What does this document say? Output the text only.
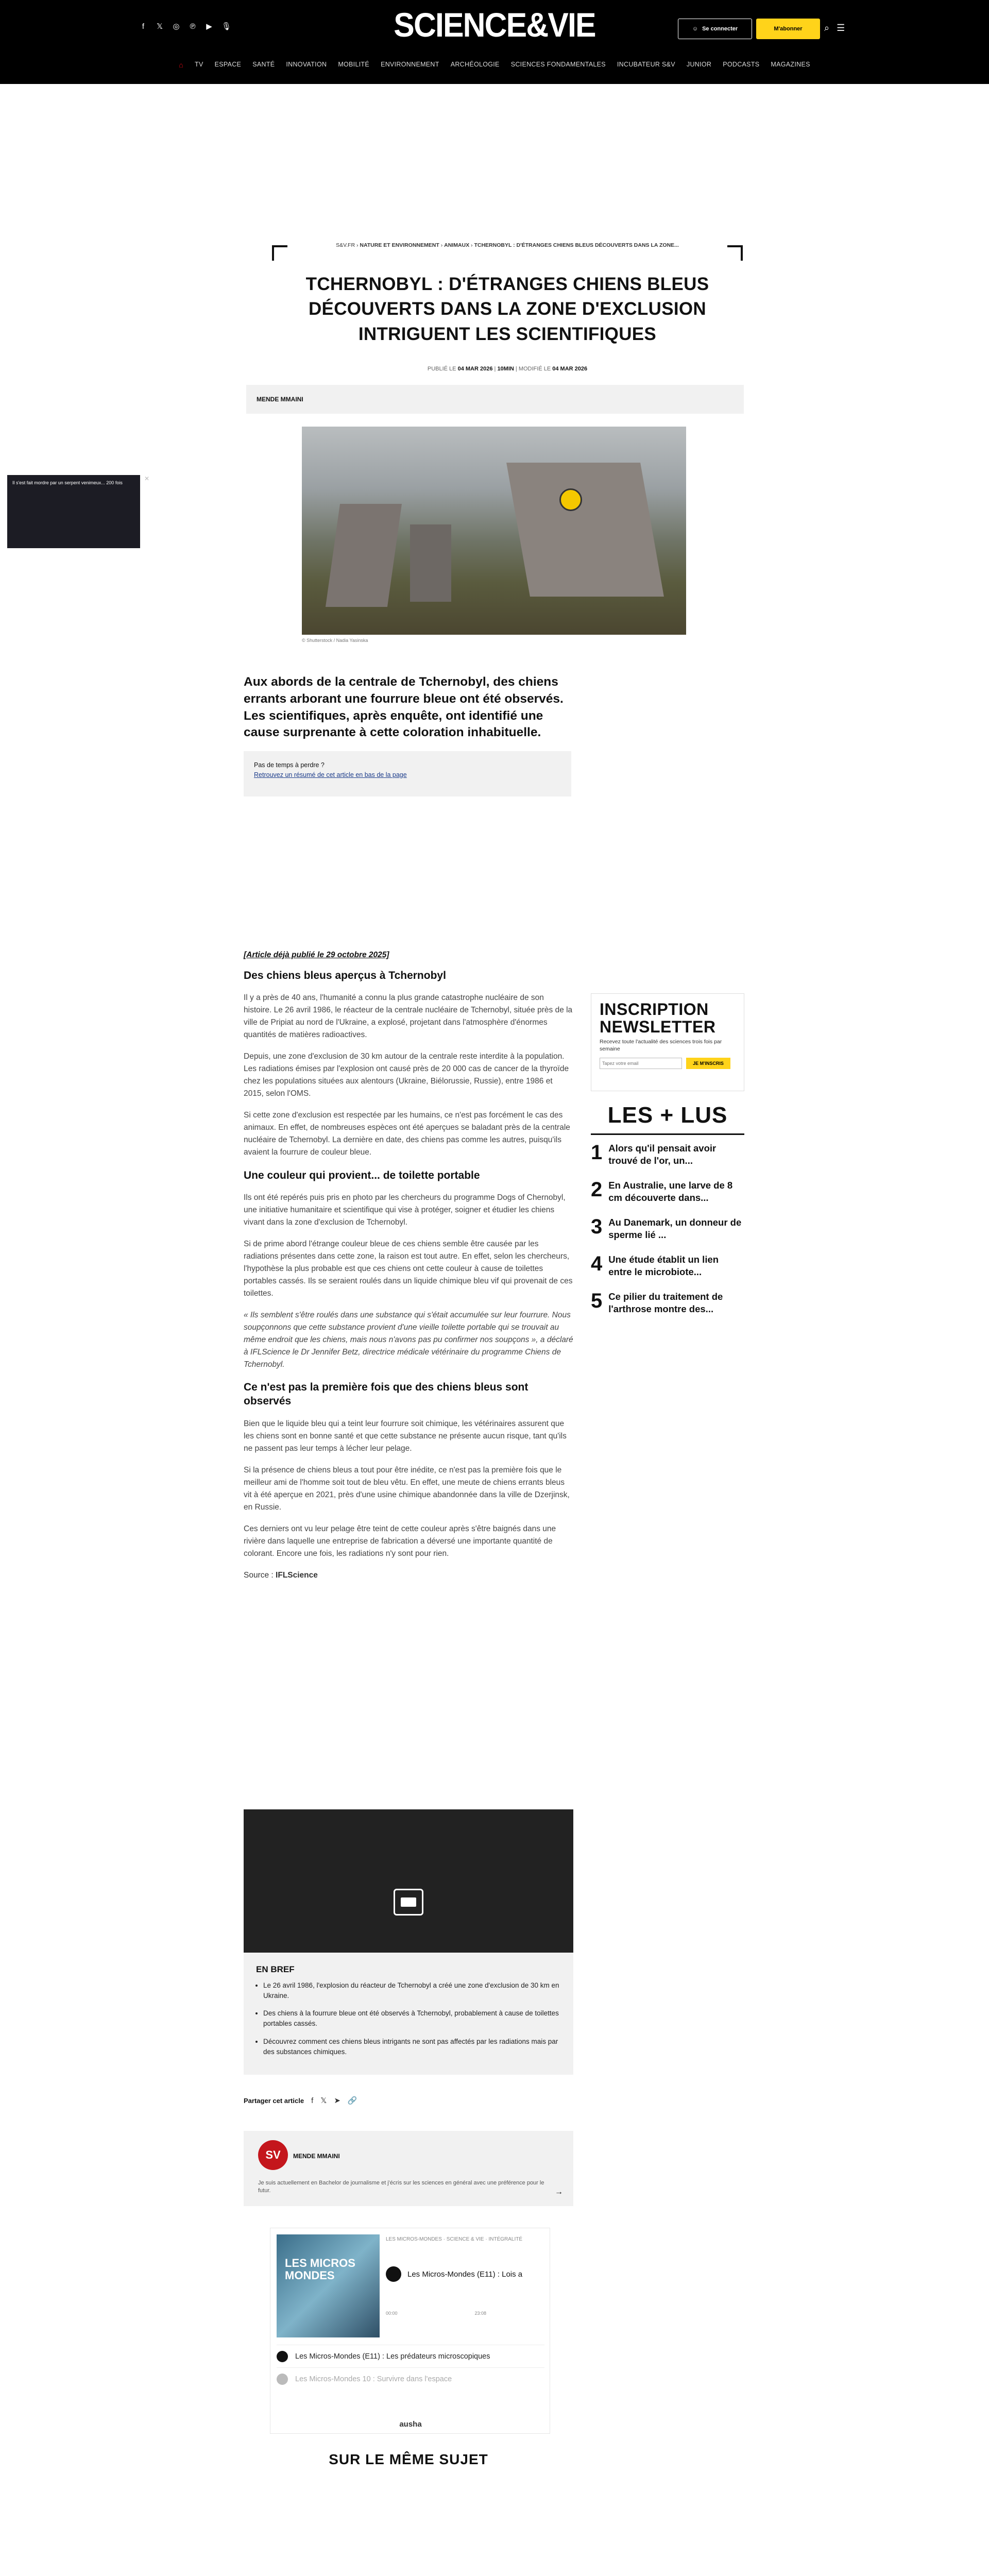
f	𝕏 ◎ ℗ ▶ 🎙	SCIENCE&VIE	☺ Se connecter	M'abonner	⌕ ☰
⌂ TV ESPACE SANTÉ INNOVATION MOBILITÉ ENVIRONNEMENT ARCHÉOLOGIE SCIENCES FONDAMENTALES INCUBATEUR S&V JUNIOR PODCASTS MAGAZINES
Il s'est fait mordre par un serpent venimeux... 200 fois
✕
S&V.FR › NATURE ET ENVIRONNEMENT › ANIMAUX › TCHERNOBYL : D'ÉTRANGES CHIENS BLEUS DÉCOUVERTS DANS LA ZONE...
TCHERNOBYL : D'ÉTRANGES CHIENS BLEUS DÉCOUVERTS DANS LA ZONE D'EXCLUSION INTRIGUENT LES SCIENTIFIQUES
PUBLIÉ LE 04 MAR 2026 | 10MIN | MODIFIÉ LE 04 MAR 2026
MENDE MMAINI
© Shutterstock / Nadia Yasinska
Aux abords de la centrale de Tchernobyl, des chiens errants arborant une fourrure bleue ont été observés. Les scientifiques, après enquête, ont identifié une cause surprenante à cette coloration inhabituelle.
Pas de temps à perdre ?
Retrouvez un résumé de cet article en bas de la page

[Article déjà publié le 29 octobre 2025]

Des chiens bleus aperçus à Tchernobyl

Il y a près de 40 ans, l'humanité a connu la plus grande catastrophe nucléaire de son histoire. Le 26 avril 1986, le réacteur de la centrale nucléaire de Tchernobyl, située près de la ville de Pripiat au nord de l'Ukraine, a explosé, projetant dans l'atmosphère d'énormes quantités de matières radioactives.

Depuis, une zone d'exclusion de 30 km autour de la centrale reste interdite à la population. Les radiations émises par l'explosion ont causé près de 20 000 cas de cancer de la thyroïde chez les populations situées aux alentours (Ukraine, Biélorussie, Russie), entre 1986 et 2015, selon l'OMS.

Si cette zone d'exclusion est respectée par les humains, ce n'est pas forcément le cas des animaux. En effet, de nombreuses espèces ont été aperçues se baladant près de la centrale nucléaire de Tchernobyl. La dernière en date, des chiens pas comme les autres, puisqu'ils avaient la fourrure de couleur bleue.

Une couleur qui provient... de toilette portable

Ils ont été repérés puis pris en photo par les chercheurs du programme Dogs of Chernobyl, une initiative humanitaire et scientifique qui vise à protéger, soigner et étudier les chiens vivant dans la zone d'exclusion de Tchernobyl.

Si de prime abord l'étrange couleur bleue de ces chiens semble être causée par les radiations présentes dans cette zone, la raison est tout autre. En effet, selon les chercheurs, l'hypothèse la plus probable est que ces chiens ont cette couleur à cause de toilettes portables cassés. Ils se seraient roulés dans un liquide chimique bleu vif qui provenait de ces toilettes.

« Ils semblent s'être roulés dans une substance qui s'était accumulée sur leur fourrure. Nous soupçonnons que cette substance provient d'une vieille toilette portable qui se trouvait au même endroit que les chiens, mais nous n'avons pas pu confirmer nos soupçons », a déclaré à IFLScience le Dr Jennifer Betz, directrice médicale vétérinaire du programme Chiens de Tchernobyl.

Ce n'est pas la première fois que des chiens bleus sont observés

Bien que le liquide bleu qui a teint leur fourrure soit chimique, les vétérinaires assurent que les chiens sont en bonne santé et que cette substance ne présente aucun risque, tant qu'ils ne passent pas leur temps à lécher leur pelage.

Si la présence de chiens bleus a tout pour être inédite, ce n'est pas la première fois que le meilleur ami de l'homme soit tout de bleu vêtu. En effet, une meute de chiens errants bleus vit à été aperçue en 2021, près d'une usine chimique abandonnée dans la ville de Dzerjinsk, en Russie.

Ces derniers ont vu leur pelage être teint de cette couleur après s'être baignés dans une rivière dans laquelle une entreprise de fabrication a déversé une importante quantité de colorant. Encore une fois, les radiations n'y sont pour rien.

Source : IFLScience

EN BREF
• Le 26 avril 1986, l'explosion du réacteur de Tchernobyl a créé une zone d'exclusion de 30 km en Ukraine.
• Des chiens à la fourrure bleue ont été observés à Tchernobyl, probablement à cause de toilettes portables cassés.
• Découvrez comment ces chiens bleus intrigants ne sont pas affectés par les radiations mais par des substances chimiques.
Partager cet article f 𝕏 ➤ 🔗
SV	MENDE MMAINI
Je suis actuellement en Bachelor de journalisme et j'écris sur les sciences en général avec une préférence pour le futur.	→
LES MICROS MONDES
LES MICROS-MONDES · SCIENCE & VIE · INTÉGRALITÉ
Les Micros-Mondes (E11) : Lois a
00:00	23:08
Les Micros-Mondes (E11) : Les prédateurs microscopiques
Les Micros-Mondes 10 : Survivre dans l'espace
ausha
SUR LE MÊME SUJET
INSCRIPTION NEWSLETTER

Recevez toute l'actualité des sciences trois fois par semaine

Tapez votre email
JE M'INSCRIS
LES + LUS
1 Alors qu'il pensait avoir trouvé de l'or, un...
2 En Australie, une larve de 8 cm découverte dans...
3 Au Danemark, un donneur de sperme lié ...
4 Une étude établit un lien entre le microbiote...
5 Ce pilier du traitement de l'arthrose montre des...
